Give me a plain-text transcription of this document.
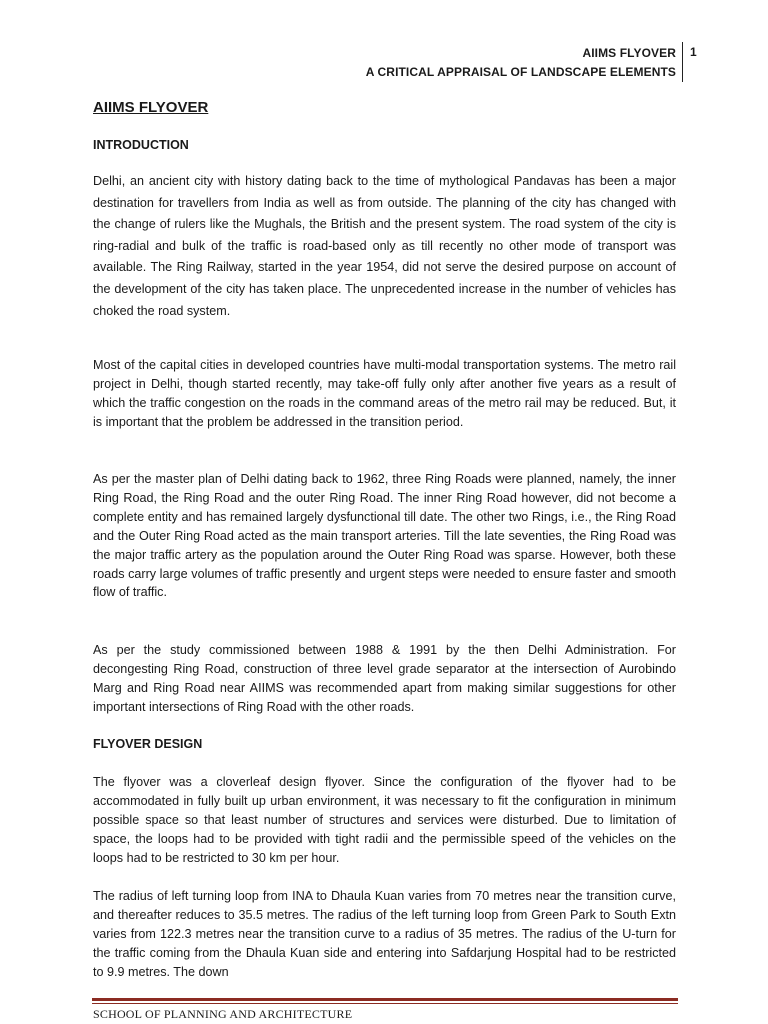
AIIMS FLYOVER
A CRITICAL APPRAISAL OF LANDSCAPE ELEMENTS
1
AIIMS FLYOVER
INTRODUCTION

Delhi, an ancient city with history dating back to the time of mythological Pandavas has been a major destination for travellers from India as well as from outside. The planning of the city has changed with the change of rulers like the Mughals, the British and the present system. The road system of the city is ring-radial and bulk of the traffic is road-based only as till recently no other mode of transport was available. The Ring Railway, started in the year 1954, did not serve the desired purpose on account of the development of the city has taken place. The unprecedented increase in the number of vehicles has choked the road system.

Most of the capital cities in developed countries have multi-modal transportation systems. The metro rail project in Delhi, though started recently, may take-off fully only after another five years as a result of which the traffic congestion on the roads in the command areas of the metro rail may be reduced. But, it is important that the problem be addressed in the transition period.

As per the master plan of Delhi dating back to 1962, three Ring Roads were planned, namely, the inner Ring Road, the Ring Road and the outer Ring Road. The inner Ring Road however, did not become a complete entity and has remained largely dysfunctional till date. The other two Rings, i.e., the Ring Road and the Outer Ring Road acted as the main transport arteries. Till the late seventies, the Ring Road was the major traffic artery as the population around the Outer Ring Road was sparse. However, both these roads carry large volumes of traffic presently and urgent steps were needed to ensure faster and smooth flow of traffic.

As per the study commissioned between 1988 & 1991 by the then Delhi Administration. For decongesting Ring Road, construction of three level grade separator at the intersection of Aurobindo Marg and Ring Road near AIIMS was recommended apart from making similar suggestions for other important intersections of Ring Road with the other roads.

FLYOVER DESIGN

The flyover was a cloverleaf design flyover. Since the configuration of the flyover had to be accommodated in fully built up urban environment, it was necessary to fit the configuration in minimum possible space so that least number of structures and services were disturbed. Due to limitation of space, the loops had to be provided with tight radii and the permissible speed of the vehicles on the loops had to be restricted to 30 km per hour.

The radius of left turning loop from INA to Dhaula Kuan varies from 70 metres near the transition curve, and thereafter reduces to 35.5 metres. The radius of the left turning loop from Green Park to South Extn varies from 122.3 metres near the transition curve to a radius of 35 metres. The radius of the U-turn for the traffic coming from the Dhaula Kuan side and entering into Safdarjung Hospital had to be restricted to 9.9 metres. The down

SCHOOL OF PLANNING AND ARCHITECTURE
